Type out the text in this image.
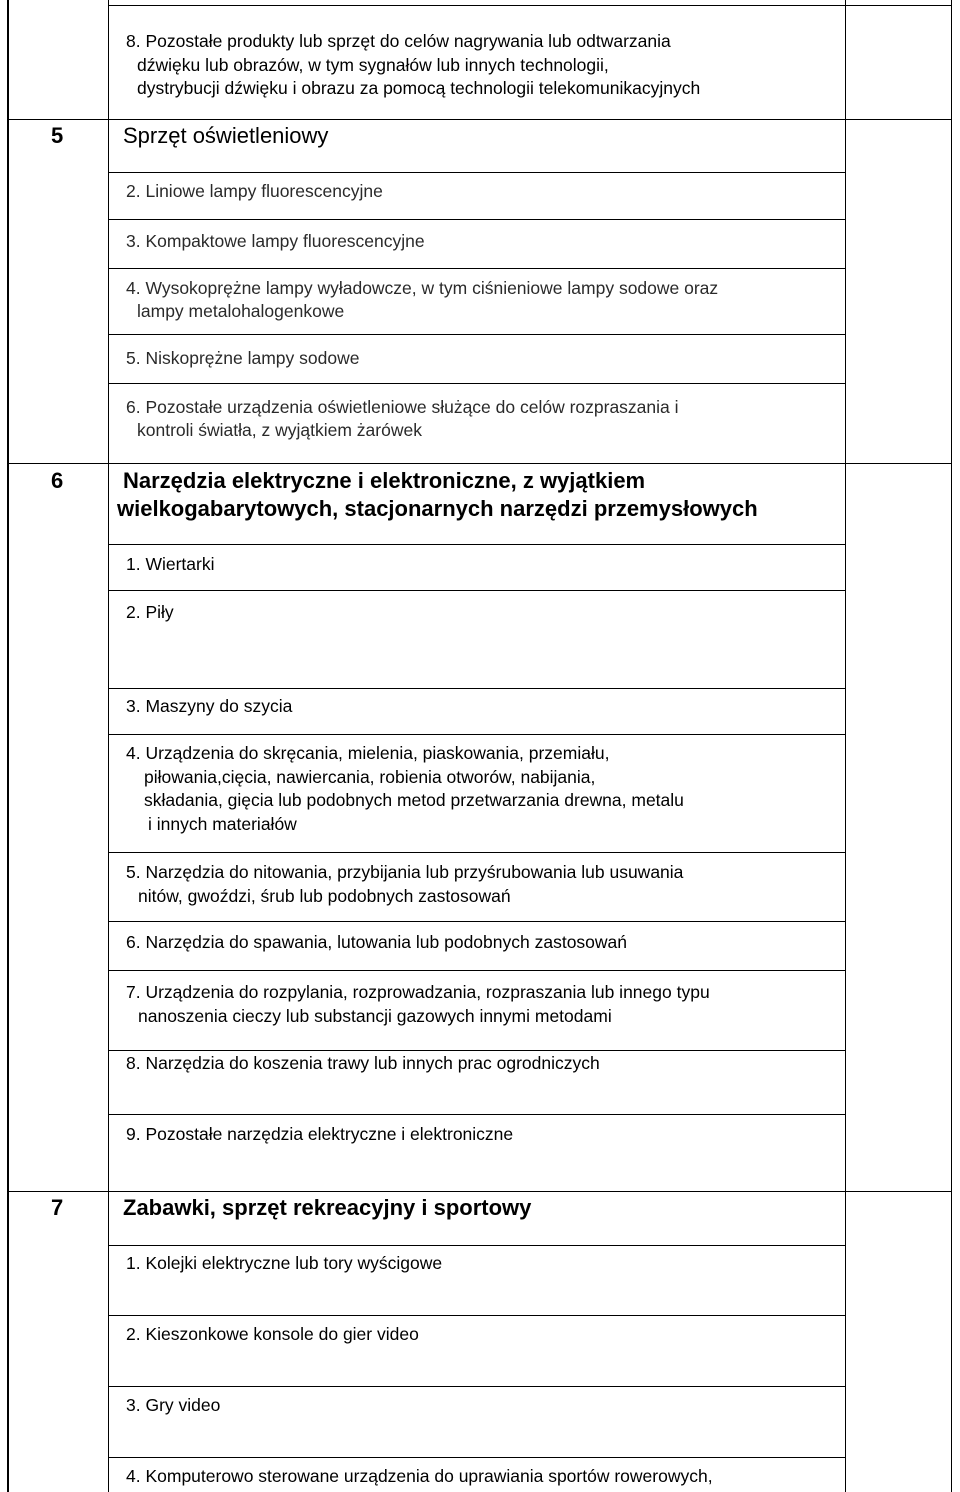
8. Pozostałe produkty lub sprzęt do celów nagrywania lub odtwarzania
dźwięku lub obrazów, w tym sygnałów lub innych technologii,
dystrybucji dźwięku i obrazu za pomocą technologii telekomunikacyjnych
5	Sprzęt oświetleniowy
2. Liniowe lampy fluorescencyjne
3. Kompaktowe lampy fluorescencyjne
4. Wysokoprężne lampy wyładowcze, w tym ciśnieniowe lampy sodowe oraz
lampy metalohalogenkowe
5. Niskoprężne lampy sodowe
6. Pozostałe urządzenia oświetleniowe służące do celów rozpraszania i
kontroli światła, z wyjątkiem żarówek
6	Narzędzia elektryczne i elektroniczne, z wyjątkiem
wielkogabarytowych, stacjonarnych narzędzi przemysłowych
1. Wiertarki
2. Piły
3. Maszyny do szycia
4. Urządzenia do skręcania, mielenia, piaskowania, przemiału,
piłowania,cięcia, nawiercania, robienia otworów, nabijania,
składania, gięcia lub podobnych metod przetwarzania drewna, metalu
i innych materiałów
5. Narzędzia do nitowania, przybijania lub przyśrubowania lub usuwania
nitów, gwoździ, śrub lub podobnych zastosowań
6. Narzędzia do spawania, lutowania lub podobnych zastosowań
7. Urządzenia do rozpylania, rozprowadzania, rozpraszania lub innego typu
nanoszenia cieczy lub substancji gazowych innymi metodami
8. Narzędzia do koszenia trawy lub innych prac ogrodniczych
9. Pozostałe narzędzia elektryczne i elektroniczne
7	Zabawki, sprzęt rekreacyjny i sportowy
1. Kolejki elektryczne lub tory wyścigowe
2. Kieszonkowe konsole do gier video
3. Gry video
4. Komputerowo sterowane urządzenia do uprawiania sportów rowerowych,
